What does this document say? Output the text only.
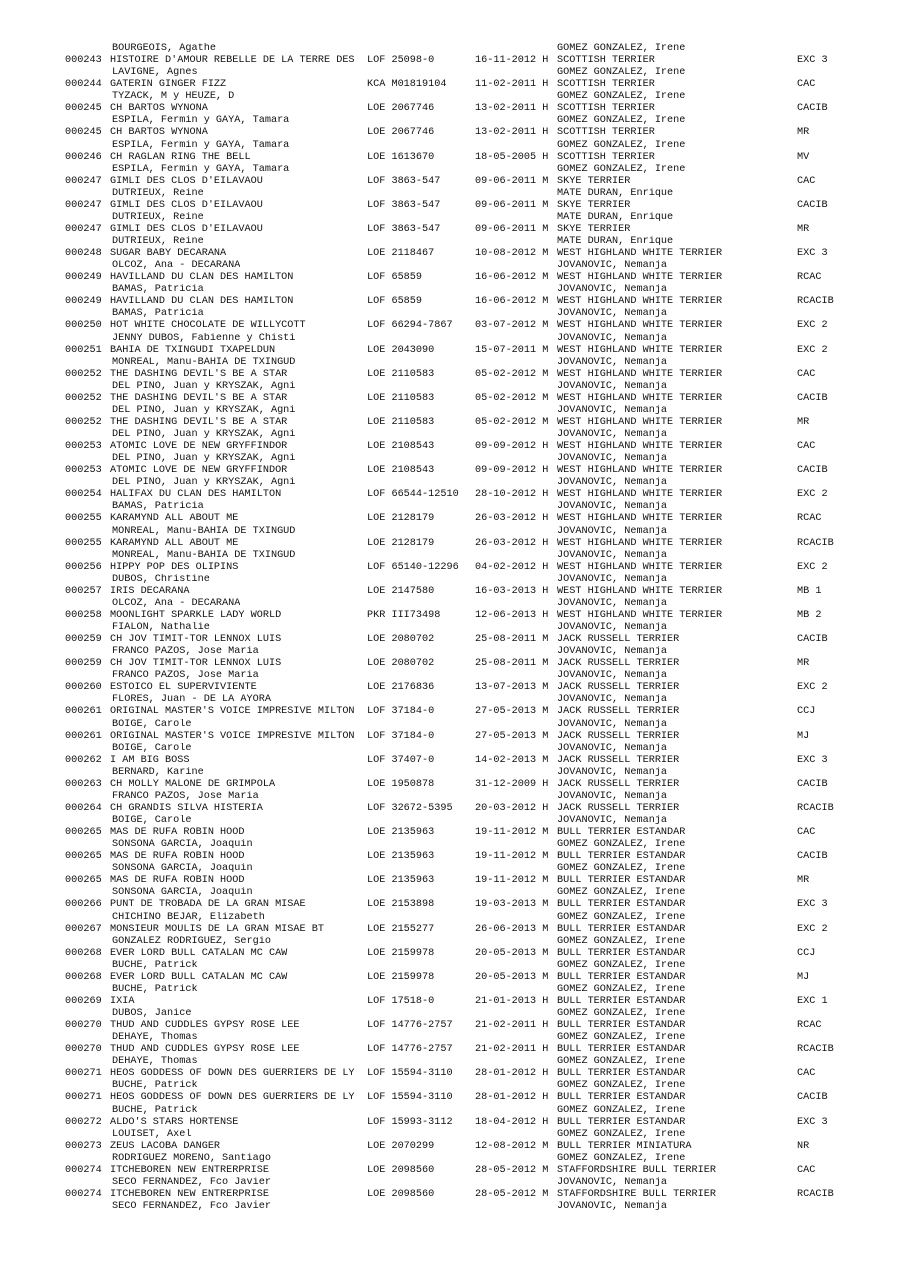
BOURGEOIS, Agathe	GOMEZ GONZALEZ, Irene
000243 HISTOIRE D'AMOUR REBELLE DE LA TERRE DES	LOF 25098-0	16-11-2012 H SCOTTISH TERRIER	EXC 3
LAVIGNE, Agnes	GOMEZ GONZALEZ, Irene
000244 GATERIN GINGER FIZZ	KCA M01819104	11-02-2011 H SCOTTISH TERRIER	CAC
TYZACK, M y HEUZE, D	GOMEZ GONZALEZ, Irene
000245 CH BARTOS WYNONA	LOE 2067746	13-02-2011 H SCOTTISH TERRIER	CACIB
ESPILA, Fermin y GAYA, Tamara	GOMEZ GONZALEZ, Irene
000245 CH BARTOS WYNONA	LOE 2067746	13-02-2011 H SCOTTISH TERRIER	MR
ESPILA, Fermin y GAYA, Tamara	GOMEZ GONZALEZ, Irene
000246 CH RAGLAN RING THE BELL	LOE 1613670	18-05-2005 H SCOTTISH TERRIER	MV
ESPILA, Fermin y GAYA, Tamara	GOMEZ GONZALEZ, Irene
000247 GIMLI DES CLOS D'EILAVAOU	LOF 3863-547	09-06-2011 M SKYE TERRIER	CAC
DUTRIEUX, Reine	MATE DURAN, Enrique
000247 GIMLI DES CLOS D'EILAVAOU	LOF 3863-547	09-06-2011 M SKYE TERRIER	CACIB
DUTRIEUX, Reine	MATE DURAN, Enrique
000247 GIMLI DES CLOS D'EILAVAOU	LOF 3863-547	09-06-2011 M SKYE TERRIER	MR
DUTRIEUX, Reine	MATE DURAN, Enrique
000248 SUGAR BABY DECARANA	LOE 2118467	10-08-2012 M WEST HIGHLAND WHITE TERRIER	EXC 3
OLCOZ, Ana - DECARANA	JOVANOVIC, Nemanja
000249 HAVILLAND DU CLAN DES HAMILTON	LOF 65859	16-06-2012 M WEST HIGHLAND WHITE TERRIER	RCAC
BAMAS, Patricia	JOVANOVIC, Nemanja
000249 HAVILLAND DU CLAN DES HAMILTON	LOF 65859	16-06-2012 M WEST HIGHLAND WHITE TERRIER	RCACIB
BAMAS, Patricia	JOVANOVIC, Nemanja
000250 HOT WHITE CHOCOLATE DE WILLYCOTT	LOF 66294-7867 03-07-2012 M WEST HIGHLAND WHITE TERRIER	EXC 2
JENNY DUBOS, Fabienne y Chisti	JOVANOVIC, Nemanja
000251 BAHIA DE TXINGUDI TXAPELDUN	LOE 2043090	15-07-2011 M WEST HIGHLAND WHITE TERRIER	EXC 2
MONREAL, Manu-BAHIA DE TXINGUD	JOVANOVIC, Nemanja
000252 THE DASHING DEVIL'S BE A STAR	LOE 2110583	05-02-2012 M WEST HIGHLAND WHITE TERRIER	CAC
DEL PINO, Juan y KRYSZAK, Agni	JOVANOVIC, Nemanja
000252 THE DASHING DEVIL'S BE A STAR	LOE 2110583	05-02-2012 M WEST HIGHLAND WHITE TERRIER	CACIB
DEL PINO, Juan y KRYSZAK, Agni	JOVANOVIC, Nemanja
000252 THE DASHING DEVIL'S BE A STAR	LOE 2110583	05-02-2012 M WEST HIGHLAND WHITE TERRIER	MR
DEL PINO, Juan y KRYSZAK, Agni	JOVANOVIC, Nemanja
000253 ATOMIC LOVE DE NEW GRYFFINDOR	LOE 2108543	09-09-2012 H WEST HIGHLAND WHITE TERRIER	CAC
DEL PINO, Juan y KRYSZAK, Agni	JOVANOVIC, Nemanja
000253 ATOMIC LOVE DE NEW GRYFFINDOR	LOE 2108543	09-09-2012 H WEST HIGHLAND WHITE TERRIER	CACIB
DEL PINO, Juan y KRYSZAK, Agni	JOVANOVIC, Nemanja
000254 HALIFAX DU CLAN DES HAMILTON	LOF 66544-12510 28-10-2012 H WEST HIGHLAND WHITE TERRIER	EXC 2
BAMAS, Patricia	JOVANOVIC, Nemanja
000255 KARAMYND ALL ABOUT ME	LOE 2128179	26-03-2012 H WEST HIGHLAND WHITE TERRIER	RCAC
MONREAL, Manu-BAHIA DE TXINGUD	JOVANOVIC, Nemanja
000255 KARAMYND ALL ABOUT ME	LOE 2128179	26-03-2012 H WEST HIGHLAND WHITE TERRIER	RCACIB
MONREAL, Manu-BAHIA DE TXINGUD	JOVANOVIC, Nemanja
000256 HIPPY POP DES OLIPINS	LOF 65140-12296 04-02-2012 H WEST HIGHLAND WHITE TERRIER	EXC 2
DUBOS, Christine	JOVANOVIC, Nemanja
000257 IRIS DECARANA	LOE 2147580	16-03-2013 H WEST HIGHLAND WHITE TERRIER	MB 1
OLCOZ, Ana - DECARANA	JOVANOVIC, Nemanja
000258 MOONLIGHT SPARKLE LADY WORLD	PKR III73498	12-06-2013 H WEST HIGHLAND WHITE TERRIER	MB 2
FIALON, Nathalie	JOVANOVIC, Nemanja
000259 CH JOV TIMIT-TOR LENNOX LUIS	LOE 2080702	25-08-2011 M JACK RUSSELL TERRIER	CACIB
FRANCO PAZOS, Jose Maria	JOVANOVIC, Nemanja
000259 CH JOV TIMIT-TOR LENNOX LUIS	LOE 2080702	25-08-2011 M JACK RUSSELL TERRIER	MR
FRANCO PAZOS, Jose Maria	JOVANOVIC, Nemanja
000260 ESTOICO EL SUPERVIVIENTE	LOE 2176836	13-07-2013 M JACK RUSSELL TERRIER	EXC 2
FLORES, Juan - DE LA AYORA	JOVANOVIC, Nemanja
000261 ORIGINAL MASTER'S VOICE IMPRESIVE MILTON	LOF 37184-0	27-05-2013 M JACK RUSSELL TERRIER	CCJ
BOIGE, Carole	JOVANOVIC, Nemanja
000261 ORIGINAL MASTER'S VOICE IMPRESIVE MILTON	LOF 37184-0	27-05-2013 M JACK RUSSELL TERRIER	MJ
BOIGE, Carole	JOVANOVIC, Nemanja
000262 I AM BIG BOSS	LOF 37407-0	14-02-2013 M JACK RUSSELL TERRIER	EXC 3
BERNARD, Karine	JOVANOVIC, Nemanja
000263 CH MOLLY MALONE DE GRIMPOLA	LOE 1950878	31-12-2009 H JACK RUSSELL TERRIER	CACIB
FRANCO PAZOS, Jose Maria	JOVANOVIC, Nemanja
000264 CH GRANDIS SILVA HISTERIA	LOF 32672-5395 20-03-2012 H JACK RUSSELL TERRIER	RCACIB
BOIGE, Carole	JOVANOVIC, Nemanja
000265 MAS DE RUFA ROBIN HOOD	LOE 2135963	19-11-2012 M BULL TERRIER ESTANDAR	CAC
SONSONA GARCIA, Joaquin	GOMEZ GONZALEZ, Irene
000265 MAS DE RUFA ROBIN HOOD	LOE 2135963	19-11-2012 M BULL TERRIER ESTANDAR	CACIB
SONSONA GARCIA, Joaquin	GOMEZ GONZALEZ, Irene
000265 MAS DE RUFA ROBIN HOOD	LOE 2135963	19-11-2012 M BULL TERRIER ESTANDAR	MR
SONSONA GARCIA, Joaquin	GOMEZ GONZALEZ, Irene
000266 PUNT DE TROBADA DE LA GRAN MISAE	LOE 2153898	19-03-2013 M BULL TERRIER ESTANDAR	EXC 3
CHICHINO BEJAR, Elizabeth	GOMEZ GONZALEZ, Irene
000267 MONSIEUR MOULIS DE LA GRAN MISAE BT	LOE 2155277	26-06-2013 M BULL TERRIER ESTANDAR	EXC 2
GONZALEZ RODRIGUEZ, Sergio	GOMEZ GONZALEZ, Irene
000268 EVER LORD BULL CATALAN MC CAW	LOE 2159978	20-05-2013 M BULL TERRIER ESTANDAR	CCJ
BUCHE, Patrick	GOMEZ GONZALEZ, Irene
000268 EVER LORD BULL CATALAN MC CAW	LOE 2159978	20-05-2013 M BULL TERRIER ESTANDAR	MJ
BUCHE, Patrick	GOMEZ GONZALEZ, Irene
000269 IXIA	LOF 17518-0	21-01-2013 H BULL TERRIER ESTANDAR	EXC 1
DUBOS, Janice	GOMEZ GONZALEZ, Irene
000270 THUD AND CUDDLES GYPSY ROSE LEE	LOF 14776-2757 21-02-2011 H BULL TERRIER ESTANDAR	RCAC
DEHAYE, Thomas	GOMEZ GONZALEZ, Irene
000270 THUD AND CUDDLES GYPSY ROSE LEE	LOF 14776-2757 21-02-2011 H BULL TERRIER ESTANDAR	RCACIB
DEHAYE, Thomas	GOMEZ GONZALEZ, Irene
000271 HEOS GODDESS OF DOWN DES GUERRIERS DE LY	LOF 15594-3110 28-01-2012 H BULL TERRIER ESTANDAR	CAC
BUCHE, Patrick	GOMEZ GONZALEZ, Irene
000271 HEOS GODDESS OF DOWN DES GUERRIERS DE LY	LOF 15594-3110 28-01-2012 H BULL TERRIER ESTANDAR	CACIB
BUCHE, Patrick	GOMEZ GONZALEZ, Irene
000272 ALDO'S STARS HORTENSE	LOF 15993-3112 18-04-2012 H BULL TERRIER ESTANDAR	EXC 3
LOUISET, Axel	GOMEZ GONZALEZ, Irene
000273 ZEUS LACOBA DANGER	LOE 2070299	12-08-2012 M BULL TERRIER MINIATURA	NR
RODRIGUEZ MORENO, Santiago	GOMEZ GONZALEZ, Irene
000274 ITCHEBOREN NEW ENTRERPRISE	LOE 2098560	28-05-2012 M STAFFORDSHIRE BULL TERRIER	CAC
SECO FERNANDEZ, Fco Javier	JOVANOVIC, Nemanja
000274 ITCHEBOREN NEW ENTRERPRISE	LOE 2098560	28-05-2012 M STAFFORDSHIRE BULL TERRIER	RCACIB
SECO FERNANDEZ, Fco Javier	JOVANOVIC, Nemanja
